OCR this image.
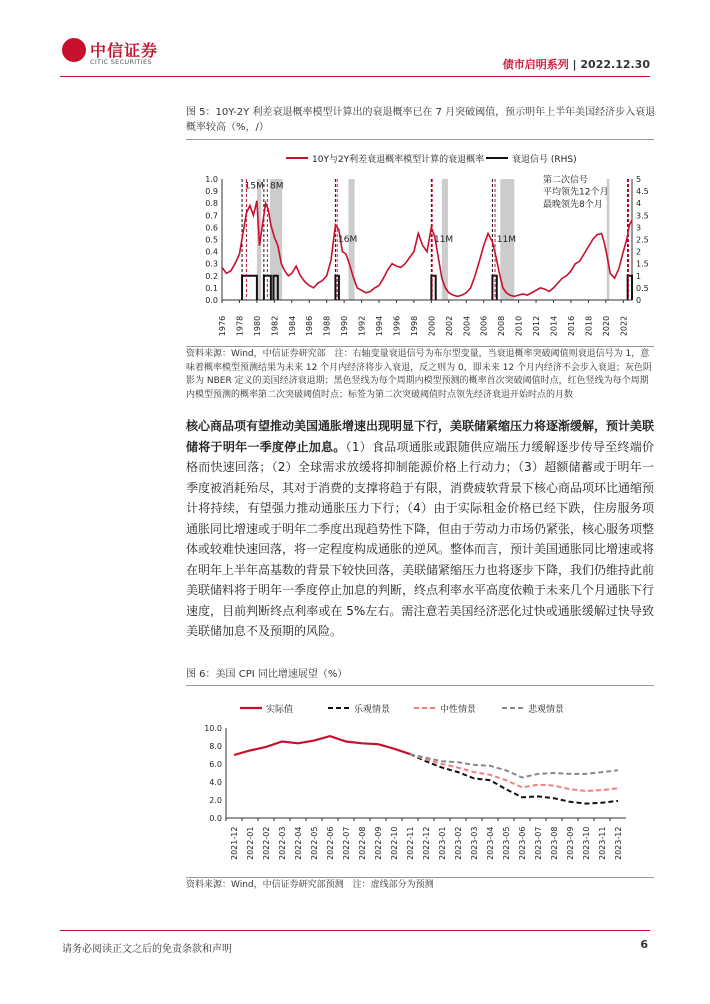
中信证券
CITIC SECURITIES	债市启明系列 | 2022.12.30
图 5：10Y-2Y 利差衰退概率模型计算出的衰退概率已在 7 月突破阈值，预示明年上半年美国经济步入衰退概率较高（%，/）
10Y与2Y利差衰退概率模型计算的衰退概率	衰退信号 (RHS)
0.0
0.1
0.2
0.3
0.4
0.5
0.6
0.7
0.8
0.9
1.0
0
0.5
1
1.5
2
2.5
3
3.5
4
4.5
5
1976 1978 1980 1982 1984 1986 1988 1990 1992 1994 1996 1998 2000 2002 2004 2006 2008 2010 2012 2014 2016 2018 2020 2022
15M 8M
16M	11M	11M
第二次信号
平均领先12个月
最晚领先8个月
资料来源：Wind，中信证券研究部　注：右轴变量衰退信号为布尔型变量，当衰退概率突破阈值则衰退信号为 1，意味着概率模型预测结果为未来 12 个月内经济将步入衰退，反之则为 0，即未来 12 个月内经济不会步入衰退；灰色阴影为 NBER 定义的美国经济衰退期；黑色竖线为每个周期内模型预测的概率首次突破阈值时点，红色竖线为每个周期内模型预测的概率第二次突破阈值时点；标签为第二次突破阈值时点领先经济衰退开始时点的月数
核心商品项有望推动美国通胀增速出现明显下行，美联储紧缩压力将逐渐缓解，预计美联储将于明年一季度停止加息。（1）食品项通胀或跟随供应端压力缓解逐步传导至终端价格而快速回落；（2）全球需求放缓将抑制能源价格上行动力；（3）超额储蓄或于明年一季度被消耗殆尽，其对于消费的支撑将趋于有限，消费疲软背景下核心商品项环比通缩预计将持续，有望强力推动通胀压力下行；（4）由于实际租金价格已经下跌，住房服务项通胀同比增速或于明年二季度出现趋势性下降，但由于劳动力市场仍紧张，核心服务项整体或较难快速回落，将一定程度构成通胀的逆风。整体而言，预计美国通胀同比增速或将在明年上半年高基数的背景下较快回落，美联储紧缩压力也将逐步下降，我们仍维持此前美联储料将于明年一季度停止加息的判断，终点利率水平高度依赖于未来几个月通胀下行速度，目前判断终点利率或在 5%左右。需注意若美国经济恶化过快或通胀缓解过快导致美联储加息不及预期的风险。
图 6：美国 CPI 同比增速展望（%）
实际值	乐观情景	中性情景	悲观情景
0.0
2.0
4.0
6.0
8.0
10.0
2021-12 2022-01 2022-02 2022-03 2022-04 2022-05 2022-06 2022-07 2022-08 2022-09 2022-10 2022-11 2022-12 2023-01 2023-02 2023-03 2023-04 2023-05 2023-06 2023-07 2023-08 2023-09 2023-10 2023-11 2023-12
资料来源：Wind，中信证券研究部预测　注：虚线部分为预测
请务必阅读正文之后的免责条款和声明	6
